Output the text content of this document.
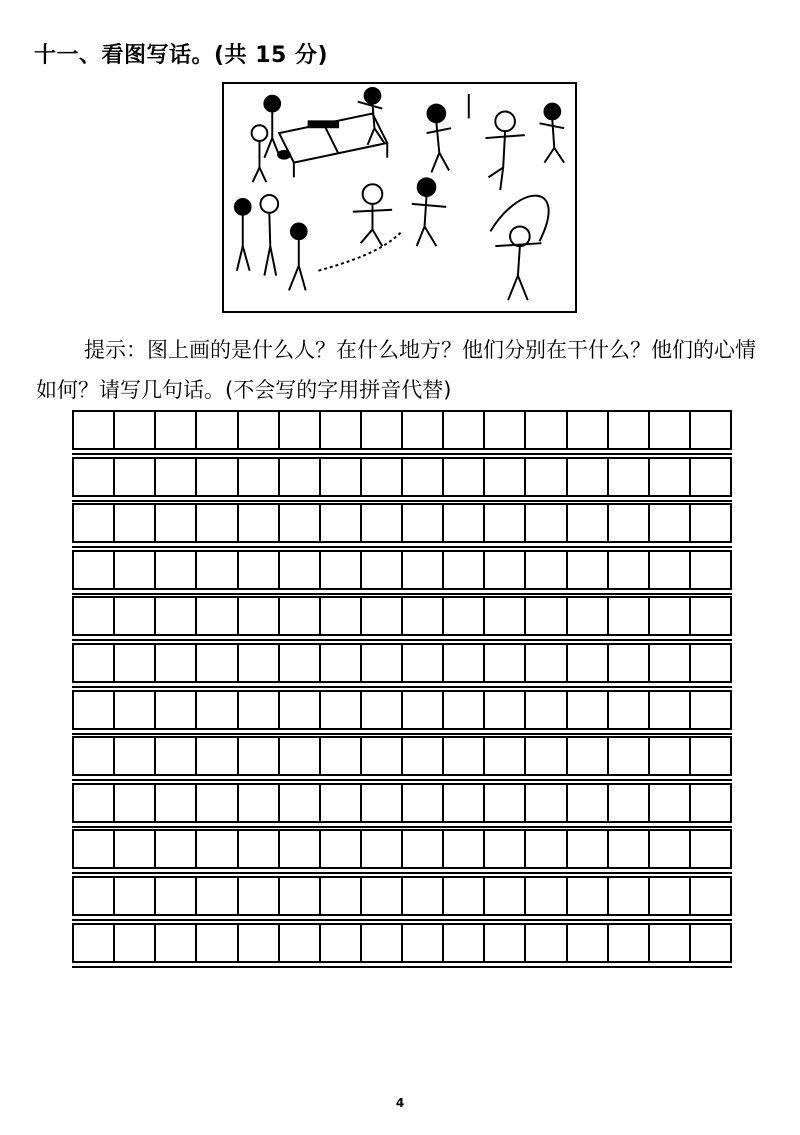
十一、看图写话。(共 15 分)
提示：图上画的是什么人？在什么地方？他们分别在干什么？他们的心情如何？请写几句话。(不会写的字用拼音代替)
4
